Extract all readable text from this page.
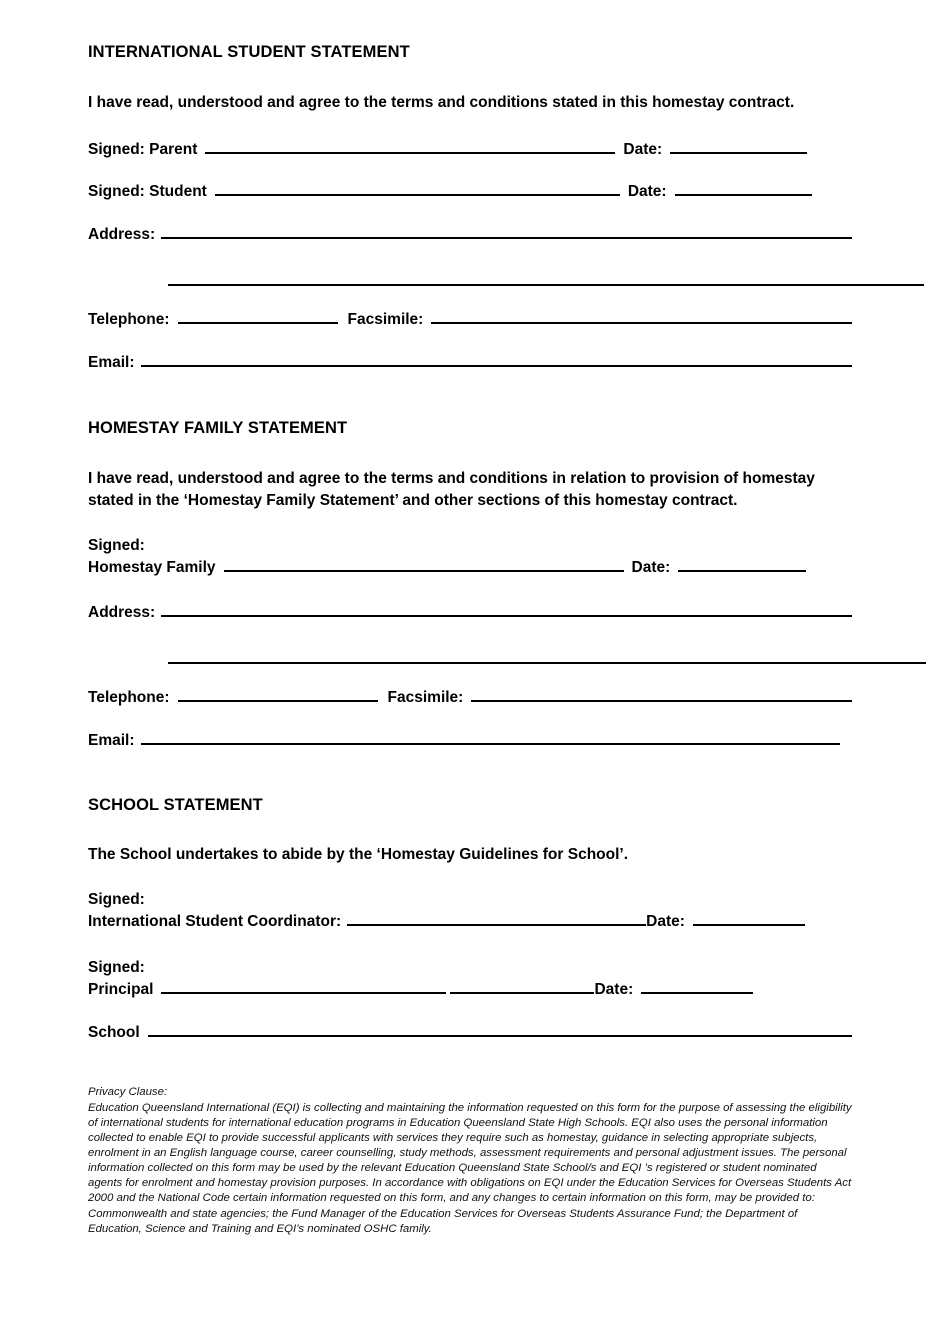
INTERNATIONAL STUDENT STATEMENT
I have read, understood and agree to the terms and conditions stated in this homestay contract.
Signed: Parent	Date:
Signed: Student	Date:
Address:
Telephone:	Facsimile:
Email:
HOMESTAY FAMILY STATEMENT
I have read, understood and agree to the terms and conditions in relation to provision of homestay stated in the ‘Homestay Family Statement’ and other sections of this homestay contract.
Signed:
Homestay Family	Date:
Address:
Telephone:	Facsimile:
Email:
SCHOOL STATEMENT
The School undertakes to abide by the ‘Homestay Guidelines for School’.
Signed:
International Student Coordinator:	Date:
Signed:
Principal	Date:
School
Privacy Clause:
Education Queensland International (EQI) is collecting and maintaining the information requested on this form for the purpose of assessing the eligibility of international students for international education programs in Education Queensland State High Schools. EQI also uses the personal information collected to enable EQI to provide successful applicants with services they require such as homestay, guidance in selecting appropriate subjects, enrolment in an English language course, career counselling, study methods, assessment requirements and personal adjustment issues. The personal information collected on this form may be used by the relevant Education Queensland State School/s and EQI ’s registered or student nominated agents for enrolment and homestay provision purposes. In accordance with obligations on EQI under the Education Services for Overseas Students Act 2000 and the National Code certain information requested on this form, and any changes to certain information on this form, may be provided to: Commonwealth and state agencies; the Fund Manager of the Education Services for Overseas Students Assurance Fund; the Department of Education, Science and Training and EQI’s nominated OSHC family.
